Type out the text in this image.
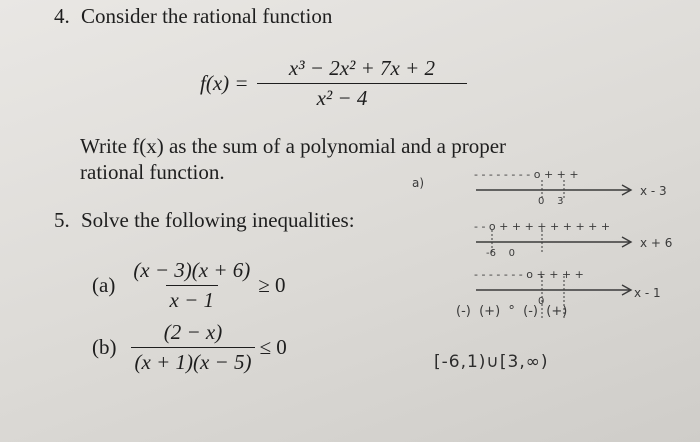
4. Consider the rational function
$f(x) = \frac{\text{x³ − 2x² + 7x + 2}}{\text{x² − 4}}$
Write f(x) as the sum of a polynomial and a proper
rational function.
5. Solve the following inequalities:
$(a) \frac{(x - 3)(x + 6)}{x - 1} \ge 0$
$(b) \frac{(2 - x)}{(x + 1)(x - 5)} \le 0$
a)
- - - - - - - - o + + +
0    3
x - 3
- - o + + + + + + + + +
-6    0
x + 6
- - - - - - - o + + + +
0
x - 1
(-)  (+)  °  (-)  (+)
[-6,1)∪[3,∞)
